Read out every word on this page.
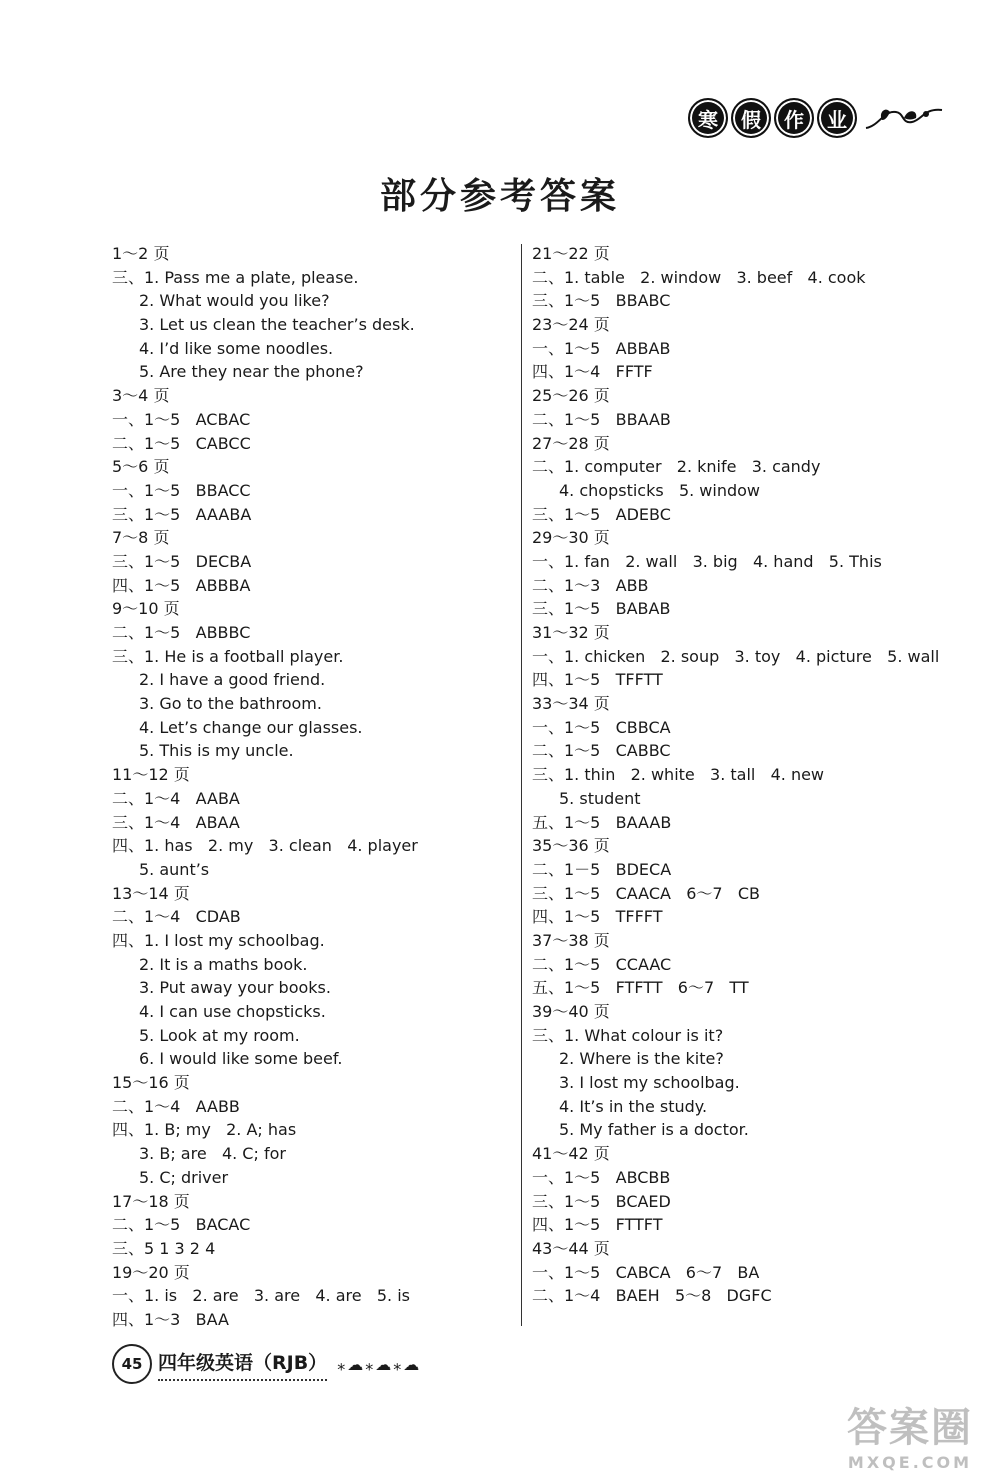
寒	假	作	业
部分参考答案
1～2 页
三、1. Pass me a plate, please.
2. What would you like?
3. Let us clean the teacher’s desk.
4. I’d like some noodles.
5. Are they near the phone?
3～4 页
一、1～5   ACBAC
二、1～5   CABCC
5～6 页
一、1～5   BBACC
三、1～5   AAABA
7～8 页
三、1～5   DECBA
四、1～5   ABBBA
9～10 页
二、1～5   ABBBC
三、1. He is a football player.
2. I have a good friend.
3. Go to the bathroom.
4. Let’s change our glasses.
5. This is my uncle.
11～12 页
二、1～4   AABA
三、1～4   ABAA
四、1. has   2. my   3. clean   4. player
5. aunt’s
13～14 页
二、1～4   CDAB
四、1. I lost my schoolbag.
2. It is a maths book.
3. Put away your books.
4. I can use chopsticks.
5. Look at my room.
6. I would like some beef.
15～16 页
二、1～4   AABB
四、1. B; my   2. A; has
3. B; are   4. C; for
5. C; driver
17～18 页
二、1～5   BACAC
三、5 1 3 2 4
19～20 页
一、1. is   2. are   3. are   4. are   5. is
四、1～3   BAA
21～22 页
二、1. table   2. window   3. beef   4. cook
三、1～5   BBABC
23～24 页
一、1～5   ABBAB
四、1～4   FFTF
25～26 页
二、1～5   BBAAB
27～28 页
二、1. computer   2. knife   3. candy
4. chopsticks   5. window
三、1～5   ADEBC
29～30 页
一、1. fan   2. wall   3. big   4. hand   5. This
二、1～3   ABB
三、1～5   BABAB
31～32 页
一、1. chicken   2. soup   3. toy   4. picture   5. wall
四、1～5   TFFTT
33～34 页
一、1～5   CBBCA
二、1～5   CABBC
三、1. thin   2. white   3. tall   4. new
5. student
五、1～5   BAAAB
35～36 页
二、1－5   BDECA
三、1～5   CAACA   6～7   CB
四、1～5   TFFFT
37～38 页
二、1～5   CCAAC
五、1～5   FTFTT   6～7   TT
39～40 页
三、1. What colour is it?
2. Where is the kite?
3. I lost my schoolbag.
4. It’s in the study.
5. My father is a doctor.
41～42 页
一、1～5   ABCBB
三、1～5   BCAED
四、1～5   FTTFT
43～44 页
一、1～5   CABCA   6～7   BA
二、1～4   BAEH   5～8   DGFC
45 四年级英语（RJB） ⁎☁⁎☁⁎☁
答案圈
MXQE.COM
